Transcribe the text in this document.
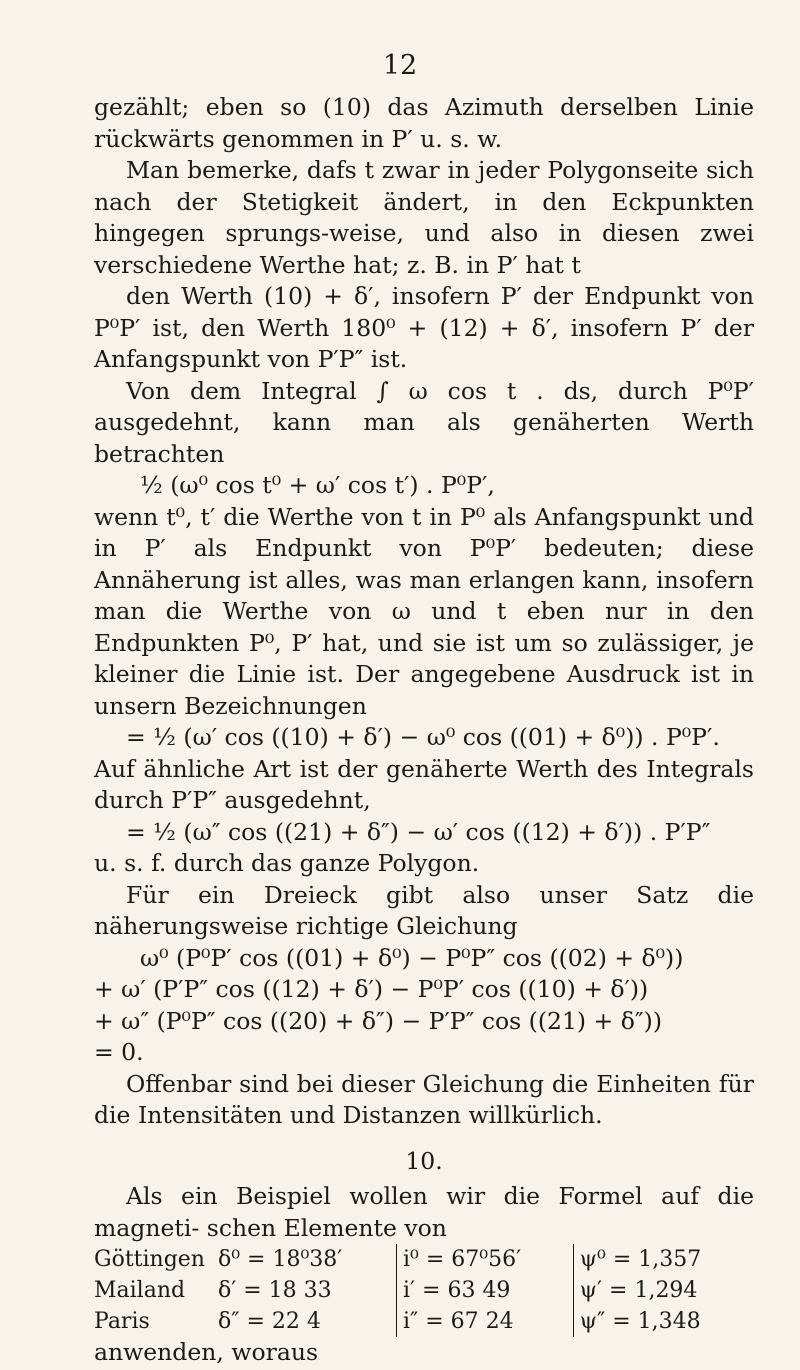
12

gezählt; eben so (10) das Azimuth derselben Linie rückwärts genommen in P′ u. s. w.

Man bemerke, dafs t zwar in jeder Polygonseite sich nach der Stetigkeit ändert, in den Eckpunkten hingegen sprungs-weise, und also in diesen zwei verschiedene Werthe hat; z. B. in P′ hat t

den Werth (10) + δ′, insofern P′ der Endpunkt von P⁰P′ ist, den Werth 180⁰ + (12) + δ′, insofern P′ der Anfangspunkt von P′P″ ist.

Von dem Integral ∫ ω cos t . ds, durch P⁰P′ ausgedehnt, kann man als genäherten Werth betrachten

½ (ω⁰ cos t⁰ + ω′ cos t′) . P⁰P′,

wenn t⁰, t′ die Werthe von t in P⁰ als Anfangspunkt und in P′ als Endpunkt von P⁰P′ bedeuten; diese Annäherung ist alles, was man erlangen kann, insofern man die Werthe von ω und t eben nur in den Endpunkten P⁰, P′ hat, und sie ist um so zulässiger, je kleiner die Linie ist. Der angegebene Ausdruck ist in unsern Bezeichnungen

= ½ (ω′ cos ((10) + δ′) − ω⁰ cos ((01) + δ⁰)) . P⁰P′.

Auf ähnliche Art ist der genäherte Werth des Integrals durch P′P″ ausgedehnt,

= ½ (ω″ cos ((21) + δ″) − ω′ cos ((12) + δ′)) . P′P″

u. s. f. durch das ganze Polygon.
Für ein Dreieck gibt also unser Satz die näherungsweise richtige Gleichung

ω⁰ (P⁰P′ cos ((01) + δ⁰) − P⁰P″ cos ((02) + δ⁰))
+ ω′ (P′P″ cos ((12) + δ′) − P⁰P′ cos ((10) + δ′))
+ ω″ (P⁰P″ cos ((20) + δ″) − P′P″ cos ((21) + δ″))
= 0.

Offenbar sind bei dieser Gleichung die Einheiten für die Intensitäten und Distanzen willkürlich.

10.

Als ein Beispiel wollen wir die Formel auf die magneti- schen Elemente von

Göttingen	δ⁰ = 18⁰38′	i⁰ = 67⁰56′	ψ⁰ = 1,357
Mailand	δ′ = 18 33	i′ = 63 49	ψ′ = 1,294
Paris	δ″ = 22 4	i″ = 67 24	ψ″ = 1,348
anwenden, woraus
